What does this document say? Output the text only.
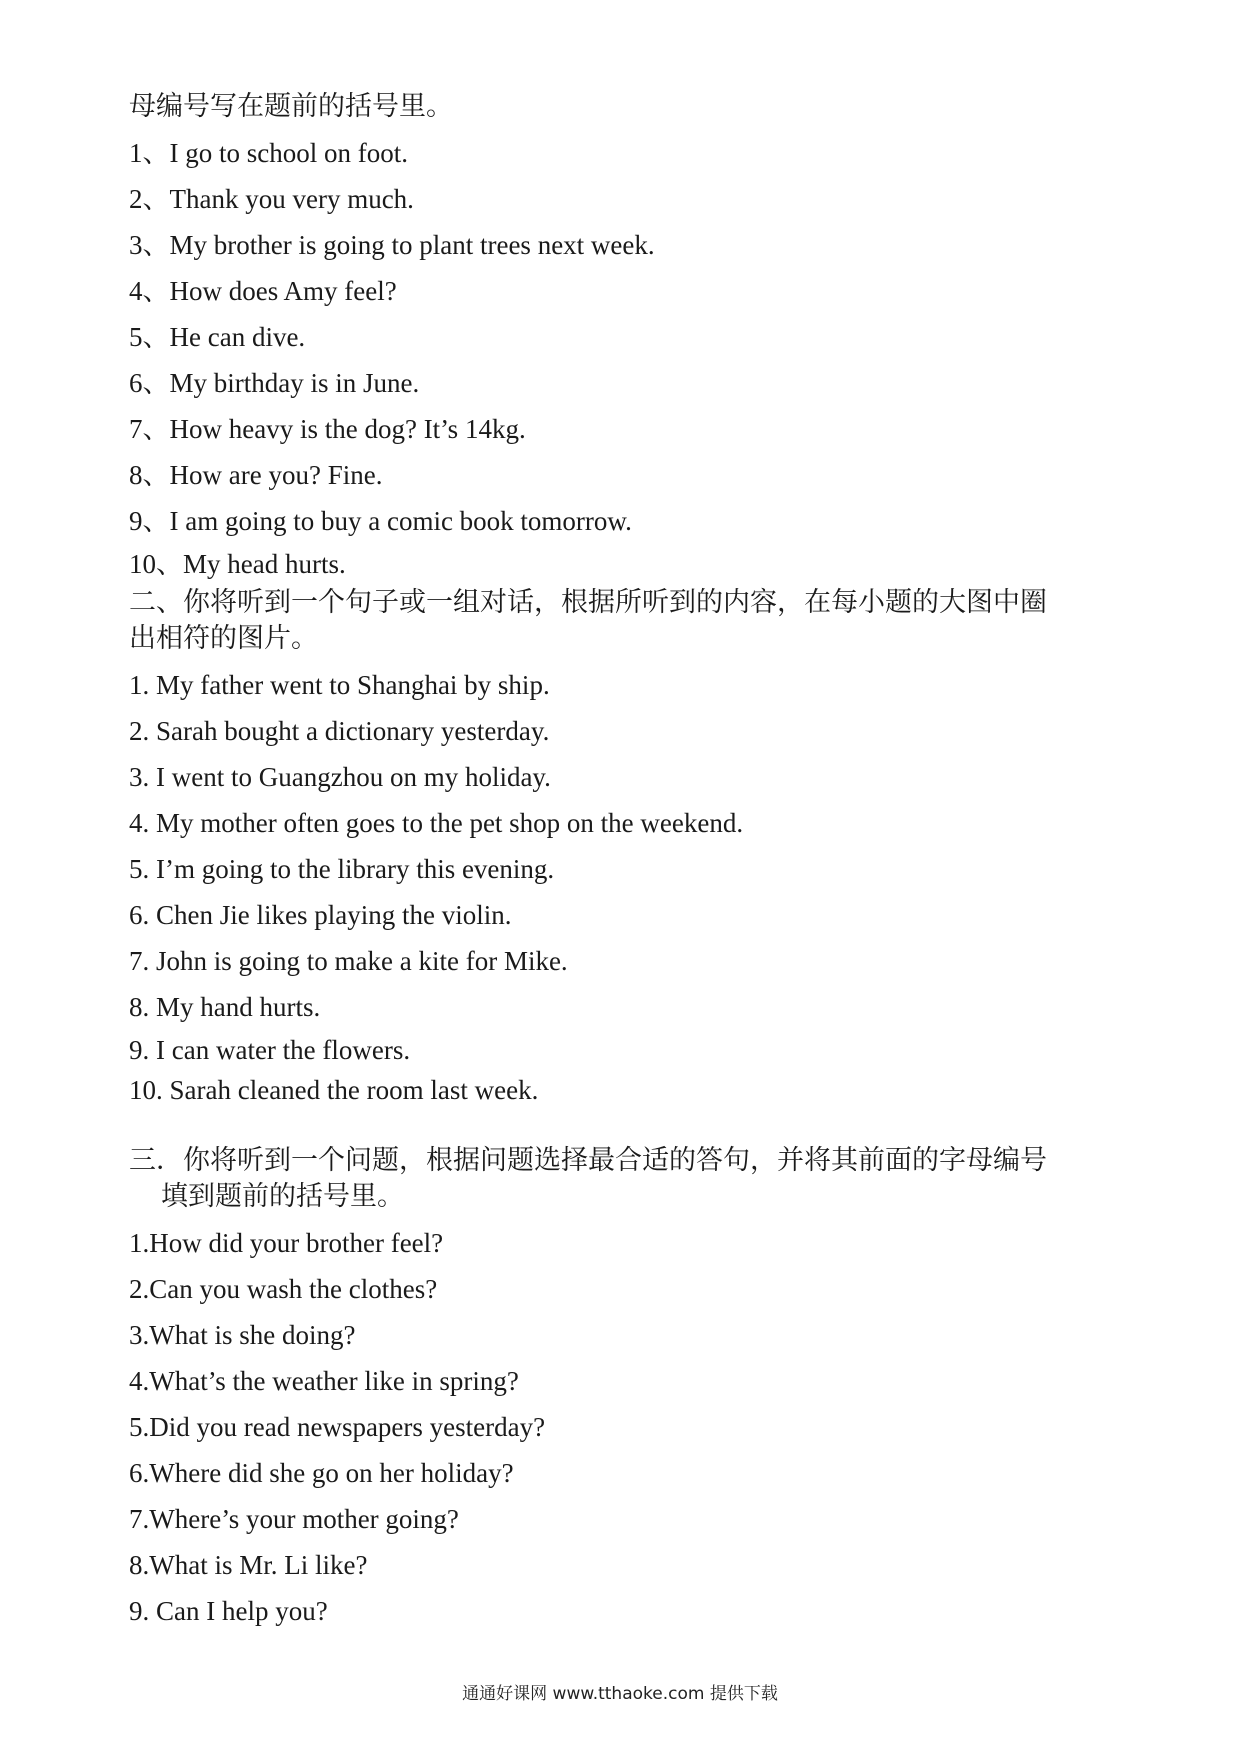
母编号写在题前的括号里。
1、I go to school on foot.
2、Thank you very much.
3、My brother is going to plant trees next week.
4、How does Amy feel?
5、He can dive.
6、My birthday is in June.
7、How heavy is the dog? It’s 14kg.
8、How are you? Fine.
9、I am going to buy a comic book tomorrow.
10、My head hurts.
二、你将听到一个句子或一组对话，根据所听到的内容，在每小题的大图中圈
出相符的图片。
1. My father went to Shanghai by ship.
2. Sarah bought a dictionary yesterday.
3. I went to Guangzhou on my holiday.
4. My mother often goes to the pet shop on the weekend.
5. I’m going to the library this evening.
6. Chen Jie likes playing the violin.
7. John is going to make a kite for Mike.
8. My hand hurts.
9. I can water the flowers.
10. Sarah cleaned the room last week.
三．你将听到一个问题，根据问题选择最合适的答句，并将其前面的字母编号
填到题前的括号里。
1.How did your brother feel?
2.Can you wash the clothes?
3.What is she doing?
4.What’s the weather like in spring?
5.Did you read newspapers yesterday?
6.Where did she go on her holiday?
7.Where’s your mother going?
8.What is Mr. Li like?
9. Can I help you?
通通好课网 www.tthaoke.com 提供下载
